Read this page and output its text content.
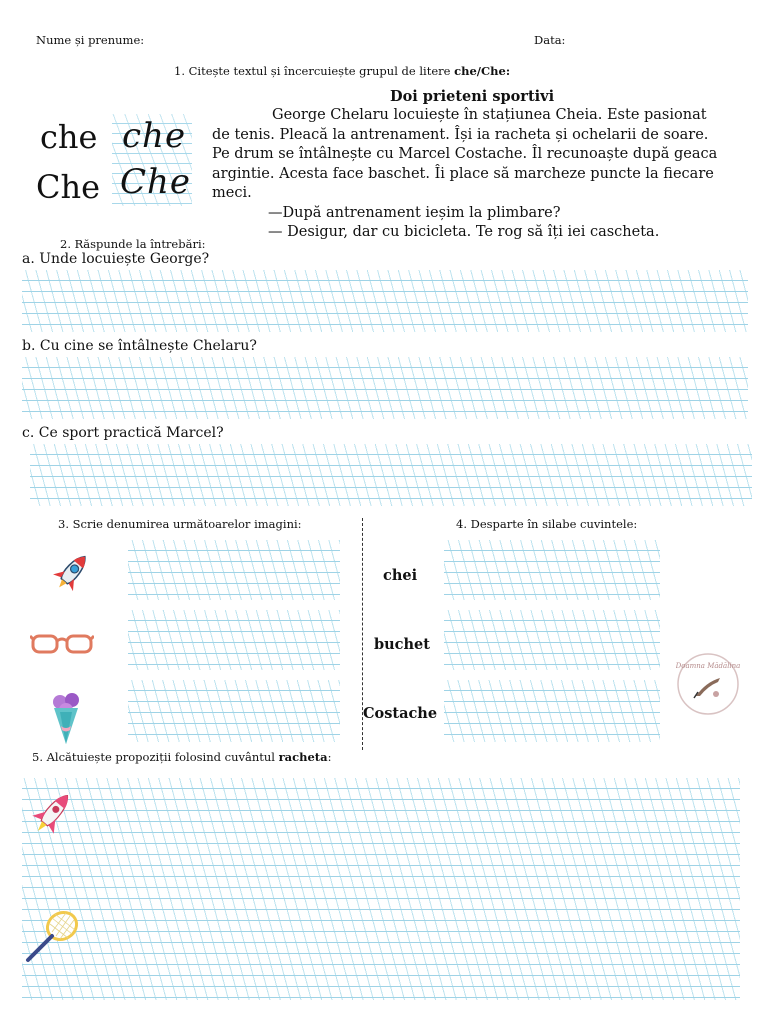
Nume și prenume:	Data:
1. Citește textul și încercuiește grupul de litere che/Che:
che
Che
che
Che
Doi prieteni sportivi
George Chelaru locuiește în stațiunea Cheia. Este pasionat
de tenis. Pleacă la antrenament. Își ia racheta și ochelarii de soare.
Pe drum se întâlnește cu Marcel Costache. Îl recunoaște după geaca
argintie. Acesta face baschet. Îi place să marcheze puncte la fiecare
meci.
—După antrenament ieșim la plimbare?
— Desigur, dar cu bicicleta. Te rog să îți iei cascheta.
2. Răspunde la întrebări:
a. Unde locuiește George?
b. Cu cine se întâlnește Chelaru?
c. Ce sport practică Marcel?
3. Scrie denumirea următoarelor imagini:	4. Desparte în silabe cuvintele:
chei
buchet
Costache
Doamna Mădălina
5. Alcătuiește propoziții folosind cuvântul racheta:
